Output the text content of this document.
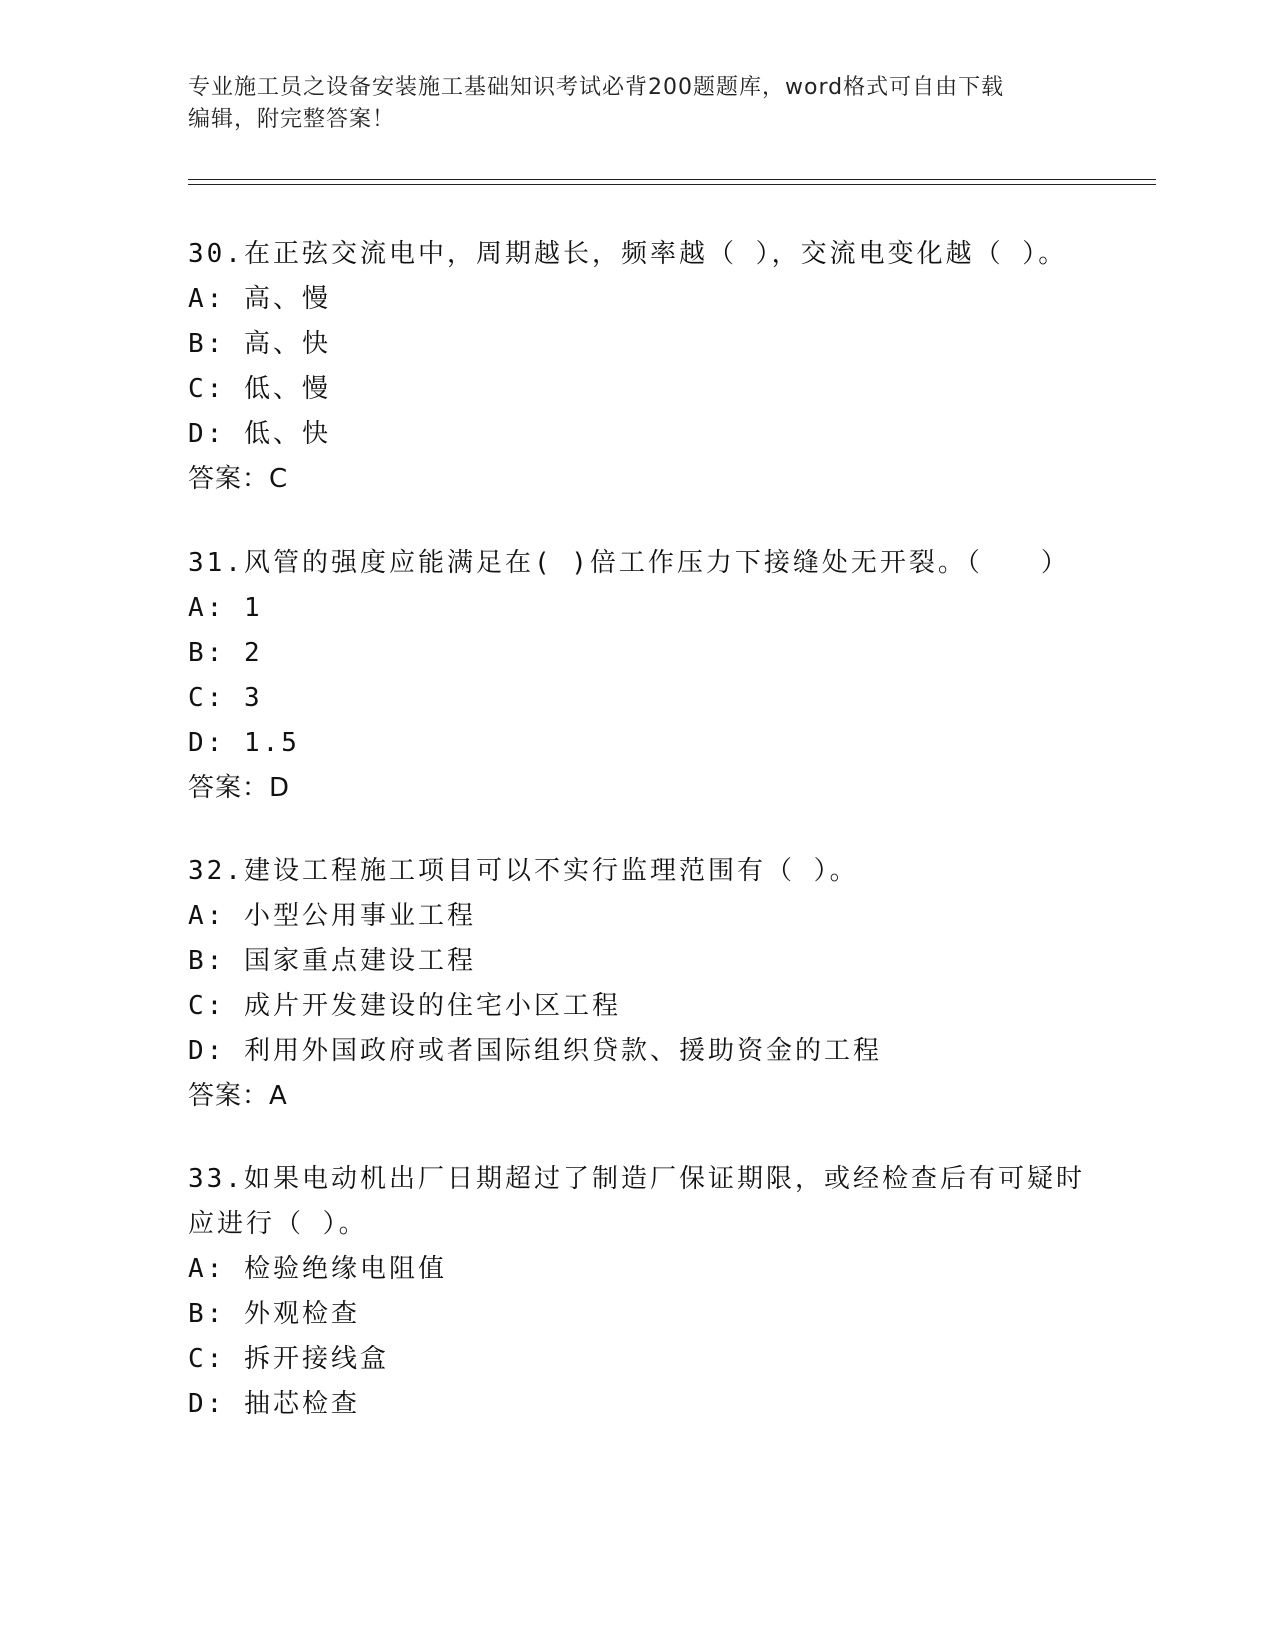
专业施工员之设备安装施工基础知识考试必背200题题库，word格式可自由下载
编辑，附完整答案！

30.在正弦交流电中，周期越长，频率越（ ），交流电变化越（ ）。

A: 高、慢

B: 高、快

C: 低、慢

D: 低、快

答案：C

31.风管的强度应能满足在( )倍工作压力下接缝处无开裂。（　　）

A: 1

B: 2

C: 3

D: 1.5

答案：D

32.建设工程施工项目可以不实行监理范围有（ ）。

A: 小型公用事业工程

B: 国家重点建设工程

C: 成片开发建设的住宅小区工程

D: 利用外国政府或者国际组织贷款、援助资金的工程

答案：A

33.如果电动机出厂日期超过了制造厂保证期限，或经检查后有可疑时

应进行（ ）。

A: 检验绝缘电阻值

B: 外观检查

C: 拆开接线盒

D: 抽芯检查
